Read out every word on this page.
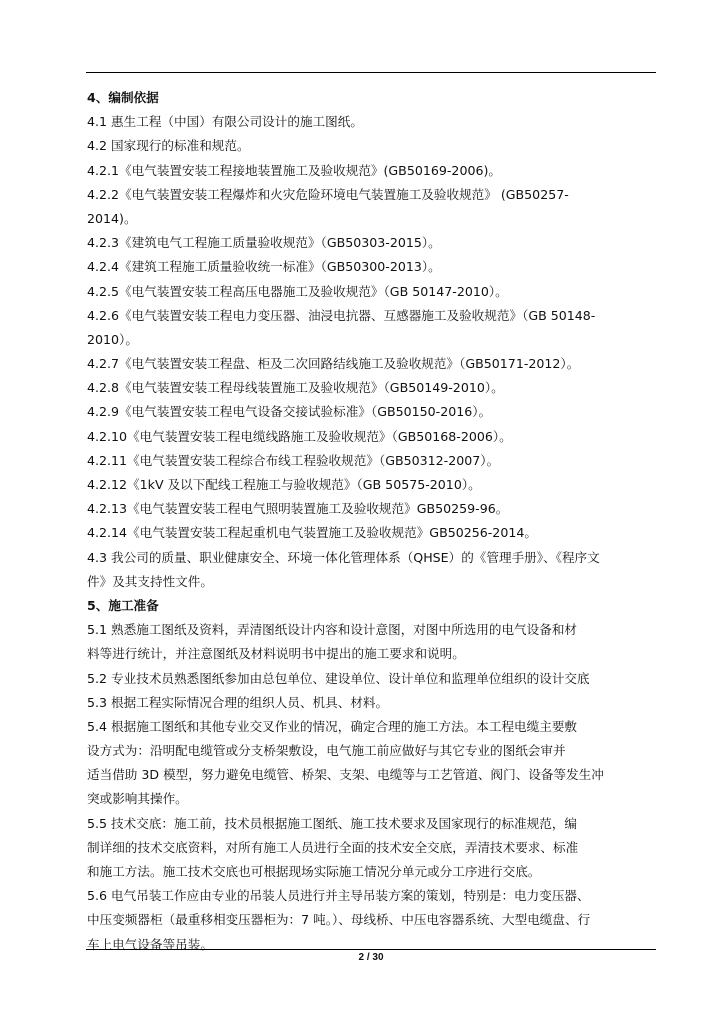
4、编制依据
4.1 惠生工程（中国）有限公司设计的施工图纸。
4.2 国家现行的标准和规范。
4.2.1《电气装置安装工程接地装置施工及验收规范》(GB50169-2006)。
4.2.2《电气装置安装工程爆炸和火灾危险环境电气装置施工及验收规范》 (GB50257-
2014)。
4.2.3《建筑电气工程施工质量验收规范》（GB50303-2015）。
4.2.4《建筑工程施工质量验收统一标准》（GB50300-2013）。
4.2.5《电气装置安装工程高压电器施工及验收规范》（GB 50147-2010）。
4.2.6《电气装置安装工程电力变压器、油浸电抗器、互感器施工及验收规范》（GB 50148-
2010）。
4.2.7《电气装置安装工程盘、柜及二次回路结线施工及验收规范》（GB50171-2012）。
4.2.8《电气装置安装工程母线装置施工及验收规范》（GB50149-2010）。
4.2.9《电气装置安装工程电气设备交接试验标准》（GB50150-2016）。
4.2.10《电气装置安装工程电缆线路施工及验收规范》（GB50168-2006）。
4.2.11《电气装置安装工程综合布线工程验收规范》（GB50312-2007）。
4.2.12《1kV 及以下配线工程施工与验收规范》（GB 50575-2010）。
4.2.13《电气装置安装工程电气照明装置施工及验收规范》GB50259-96。
4.2.14《电气装置安装工程起重机电气装置施工及验收规范》GB50256-2014。
4.3 我公司的质量、职业健康安全、环境一体化管理体系（QHSE）的《管理手册》、《程序文
件》及其支持性文件。
5、施工准备
5.1 熟悉施工图纸及资料，弄清图纸设计内容和设计意图，对图中所选用的电气设备和材
料等进行统计，并注意图纸及材料说明书中提出的施工要求和说明。
5.2 专业技术员熟悉图纸参加由总包单位、建设单位、设计单位和监理单位组织的设计交底
5.3 根据工程实际情况合理的组织人员、机具、材料。
5.4 根据施工图纸和其他专业交叉作业的情况，确定合理的施工方法。本工程电缆主要敷
设方式为：沿明配电缆管或分支桥架敷设，电气施工前应做好与其它专业的图纸会审并
适当借助 3D 模型，努力避免电缆管、桥架、支架、电缆等与工艺管道、阀门、设备等发生冲
突或影响其操作。
5.5 技术交底：施工前，技术员根据施工图纸、施工技术要求及国家现行的标准规范，编
制详细的技术交底资料，对所有施工人员进行全面的技术安全交底，弄清技术要求、标准
和施工方法。施工技术交底也可根据现场实际施工情况分单元或分工序进行交底。
5.6 电气吊装工作应由专业的吊装人员进行并主导吊装方案的策划，特别是：电力变压器、
中压变频器柜（最重移相变压器柜为：7 吨。）、母线桥、中压电容器系统、大型电缆盘、行
车上电气设备等吊装。
2 / 30
